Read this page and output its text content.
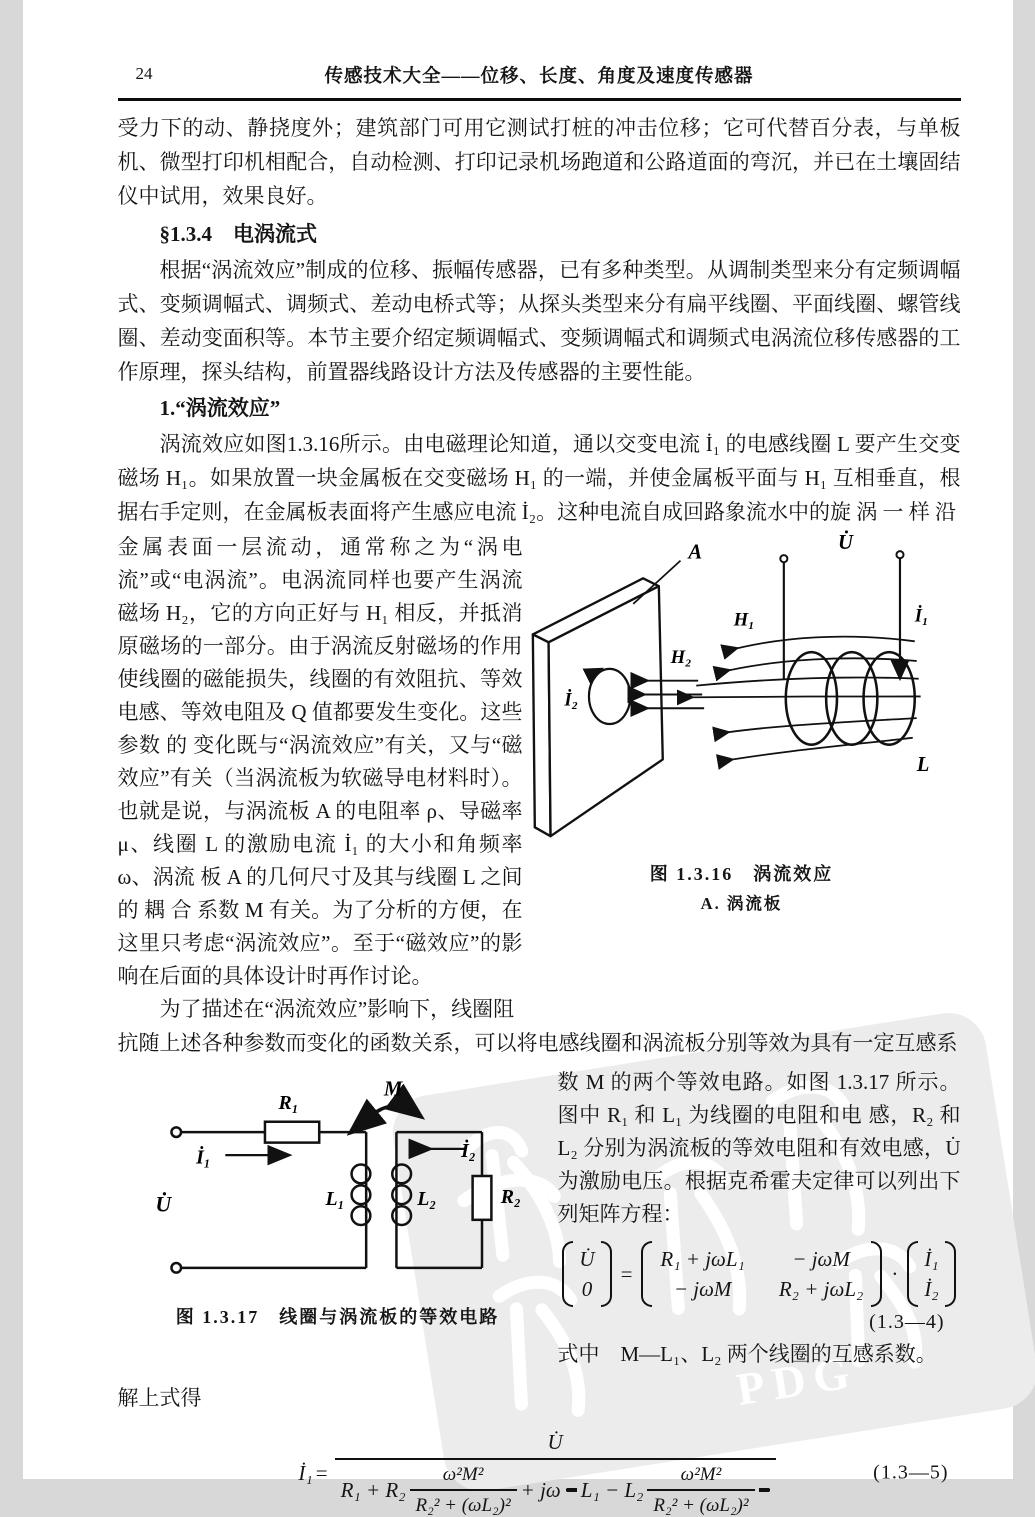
PDG
24	传感技术大全——位移、长度、角度及速度传感器

受力下的动、静挠度外；建筑部门可用它测试打桩的冲击位移；它可代替百分表，与单板机、微型打印机相配合，自动检测、打印记录机场跑道和公路道面的弯沉，并已在土壤固结仪中试用，效果良好。

§1.3.4　电涡流式

根据“涡流效应”制成的位移、振幅传感器，已有多种类型。从调制类型来分有定频调幅式、变频调幅式、调频式、差动电桥式等；从探头类型来分有扁平线圈、平面线圈、螺管线圈、差动变面积等。本节主要介绍定频调幅式、变频调幅式和调频式电涡流位移传感器的工作原理，探头结构，前置器线路设计方法及传感器的主要性能。

1.“涡流效应”

涡流效应如图1.3.16所示。由电磁理论知道，通以交变电流 İ₁ 的电感线圈 L 要产生交变磁场 H₁。如果放置一块金属板在交变磁场 H₁ 的一端，并使金属板平面与 H₁ 互相垂直，根据右手定则，在金属板表面将产生感应电流 İ₂。这种电流自成回路象流水中的旋 涡 一 样 沿

金属表面一层流动，通常称之为“涡电流”或“电涡流”。电涡流同样也要产生涡流磁场 H₂，它的方向正好与 H₁ 相反，并抵消原磁场的一部分。由于涡流反射磁场的作用使线圈的磁能损失，线圈的有效阻抗、等效电感、等效电阻及 Q 值都要发生变化。这些参数 的 变化既与“涡流效应”有关，又与“磁效应”有关（当涡流板为软磁导电材料时）。也就是说，与涡流板 A 的电阻率 ρ、导磁率 μ、线圈 L 的激励电流 İ₁ 的大小和角频率 ω、涡流 板 A 的几何尺寸及其与线圈 L 之间的 耦 合 系数 M 有关。为了分析的方便，在这里只考虑“涡流效应”。至于“磁效应”的影响在后面的具体设计时再作讨论。

为了描述在“涡流效应”影响下，线圈阻

A
İ₂
H₂
U̇
İ₁
H₁
L
图 1.3.16　涡流效应
A. 涡流板

抗随上述各种参数而变化的函数关系，可以将电感线圈和涡流板分别等效为具有一定互感系

İ₁
R₁
U̇	L₁
M
İ₂
L₂	R₂
图 1.3.17　线圈与涡流板的等效电路

数 M 的两个等效电路。如图 1.3.17 所示。图中 R₁ 和 L₁ 为线圈的电阻和电 感，R₂ 和 L₂ 分别为涡流板的等效电阻和有效电感，U̇ 为激励电压。根据克希霍夫定律可以列出下列矩阵方程：

U̇
0
=
R₁ + jωL₁	− jωM
− jωM	R₂ + jωL₂
·
İ₁
İ₂
(1.3—4)

式中　M—L₁、L₂ 两个线圈的互感系数。

解上式得

İ₁ =
U̇
$R_1 + R_2 \frac{\text{ω²M²}}{\text{R₂² + (ωL₂)²}} + j\omega$ $L_1 - L_2 \frac{\text{ω²M²}}{\text{R₂² + (ωL₂)²}}$	(1.3—5)
